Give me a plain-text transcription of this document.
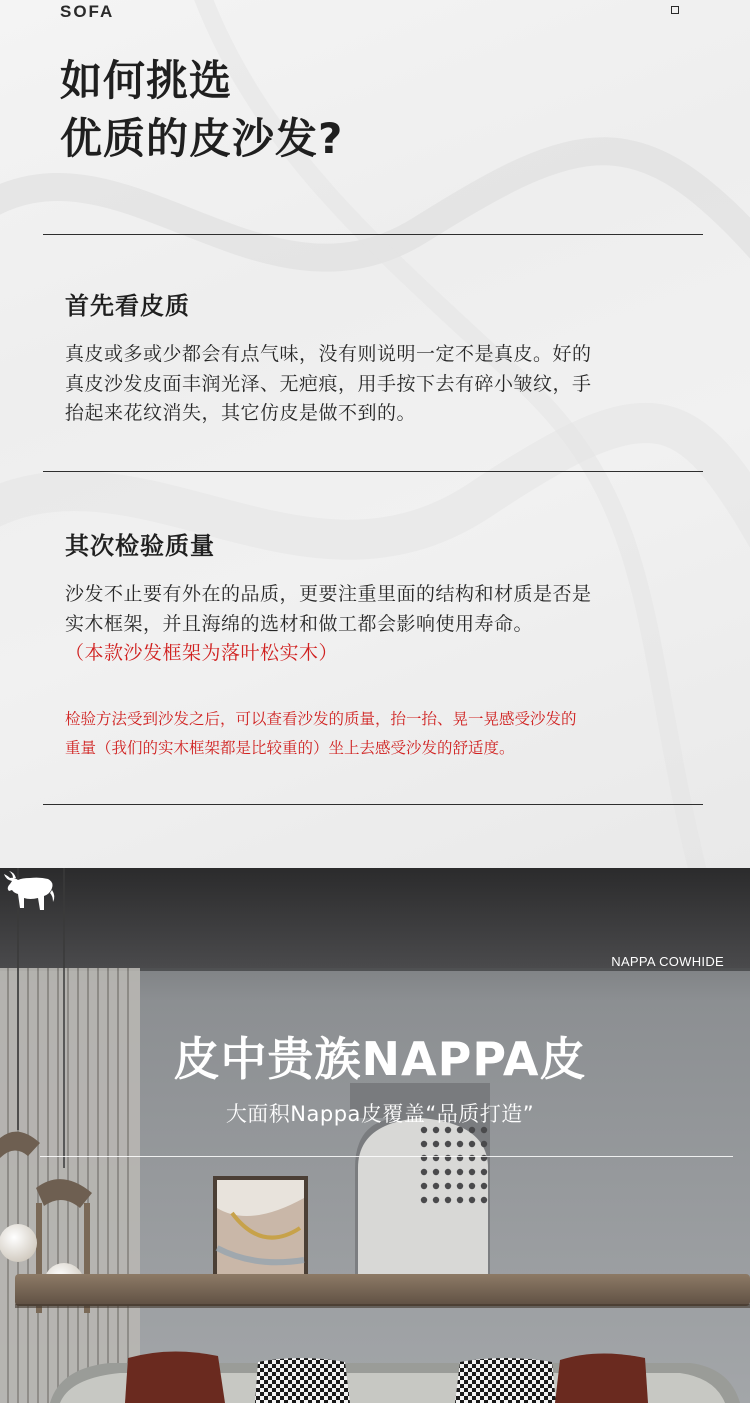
SOFA
如何挑选
优质的皮沙发?
首先看皮质
真皮或多或少都会有点气味，没有则说明一定不是真皮。好的
真皮沙发皮面丰润光泽、无疤痕，用手按下去有碎小皱纹，手
抬起来花纹消失，其它仿皮是做不到的。
其次检验质量
沙发不止要有外在的品质，更要注重里面的结构和材质是否是
实木框架，并且海绵的选材和做工都会影响使用寿命。
（本款沙发框架为落叶松实木）
检验方法受到沙发之后，可以查看沙发的质量，抬一抬、晃一晃感受沙发的
重量（我们的实木框架都是比较重的）坐上去感受沙发的舒适度。
NAPPA COWHIDE
皮中贵族NAPPA皮
大面积Nappa皮覆盖“品质打造”
